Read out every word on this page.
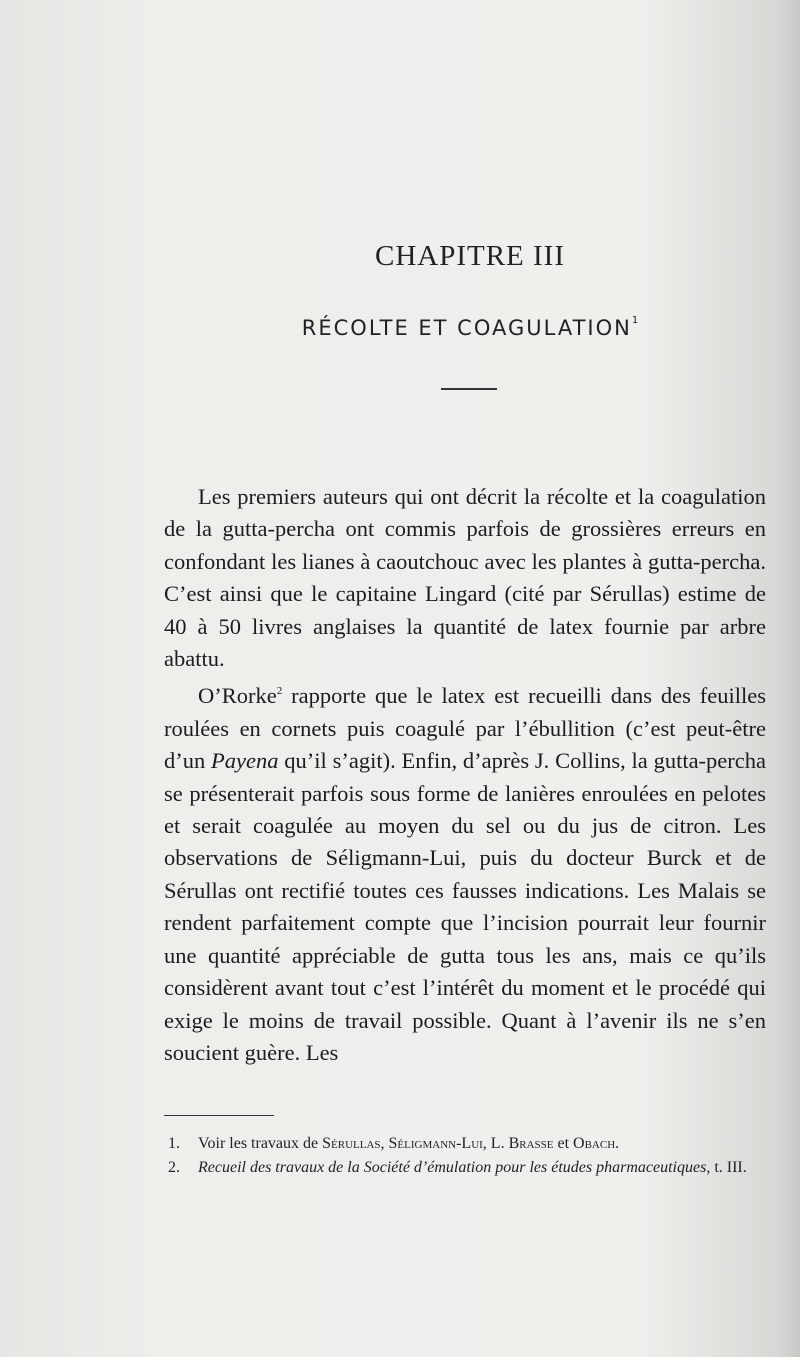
CHAPITRE III
RÉCOLTE ET COAGULATION$^1$

Les premiers auteurs qui ont décrit la récolte et la coagulation de la gutta-percha ont commis parfois de grossières erreurs en confondant les lianes à caoutchouc avec les plantes à gutta-percha. C’est ainsi que le capitaine Lingard (cité par Sérullas) estime de 40 à 50 livres anglaises la quantité de latex fournie par arbre abattu.

O’Rorke$^2$ rapporte que le latex est recueilli dans des feuilles roulées en cornets puis coagulé par l’ébullition (c’est peut-être d’un Payena qu’il s’agit). Enfin, d’après J. Collins, la gutta-percha se présenterait parfois sous forme de lanières enroulées en pelotes et serait coagulée au moyen du sel ou du jus de citron. Les observations de Séligmann-Lui, puis du docteur Burck et de Sérullas ont rectifié toutes ces fausses indications. Les Malais se rendent parfaitement compte que l’incision pourrait leur fournir une quantité appréciable de gutta tous les ans, mais ce qu’ils considèrent avant tout c’est l’intérêt du moment et le procédé qui exige le moins de travail possible. Quant à l’avenir ils ne s’en soucient guère. Les

1. Voir les travaux de Sérullas, Séligmann-Lui, L. Brasse et Obach.

2. Recueil des travaux de la Société d’émulation pour les études pharmaceutiques, t. III.
